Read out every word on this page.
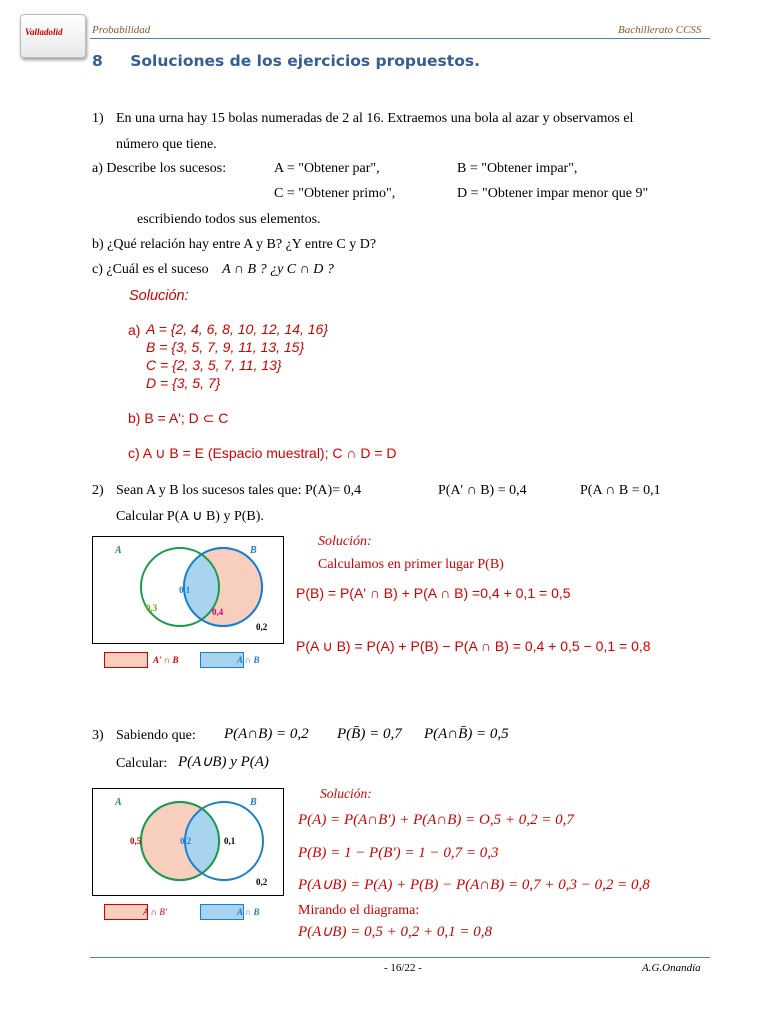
Valladolid	Probabilidad	Bachillerato CCSS
8 Soluciones de los ejercicios propuestos.
1) En una urna hay 15 bolas numeradas de 2 al 16. Extraemos una bola al azar y observamos el
número que tiene.
a) Describe los sucesos:	A = "Obtener par",	B = "Obtener impar",
C = "Obtener primo",	D = "Obtener impar menor que 9"
escribiendo todos sus elementos.
b) ¿Qué relación hay entre A y B? ¿Y entre C y D?
c) ¿Cuál es el suceso A ∩ B ? ¿y C ∩ D ?
Solución:
a) A = {2, 4, 6, 8, 10, 12, 14, 16}
B = {3, 5, 7, 9, 11, 13, 15}
C = {2, 3, 5, 7, 11, 13}
D = {3, 5, 7}
b) B = A'; D ⊂ C
c) A ∪ B = E (Espacio muestral); C ∩ D = D
2) Sean A y B los sucesos tales que: P(A)= 0,4	P(A' ∩ B) = 0,4	P(A ∩ B = 0,1
Calcular P(A ∪ B) y P(B).
A	B
0,3
0,1
0,4
0,2
A' ∩ B	A ∩ B
Solución:
Calculamos en primer lugar P(B)
P(B) = P(A' ∩ B) + P(A ∩ B) =0,4 + 0,1 = 0,5
P(A ∪ B) = P(A) + P(B) − P(A ∩ B) = 0,4 + 0,5 − 0,1 = 0,8
3) Sabiendo que: P(A∩B) = 0,2 P(B̄) = 0,7 P(A∩B̄) = 0,5
Calcular: P(A∪B) y P(A)
A	B
0,5	0,2	0,1
0,2
A ∩ B'	A ∩ B
Solución:
P(A) = P(A∩B') + P(A∩B) = O,5 + 0,2 = 0,7
P(B) = 1 − P(B') = 1 − 0,7 = 0,3
P(A∪B) = P(A) + P(B) − P(A∩B) = 0,7 + 0,3 − 0,2 = 0,8
Mirando el diagrama:
P(A∪B) = 0,5 + 0,2 + 0,1 = 0,8
- 16/22 -	A.G.Onandía
